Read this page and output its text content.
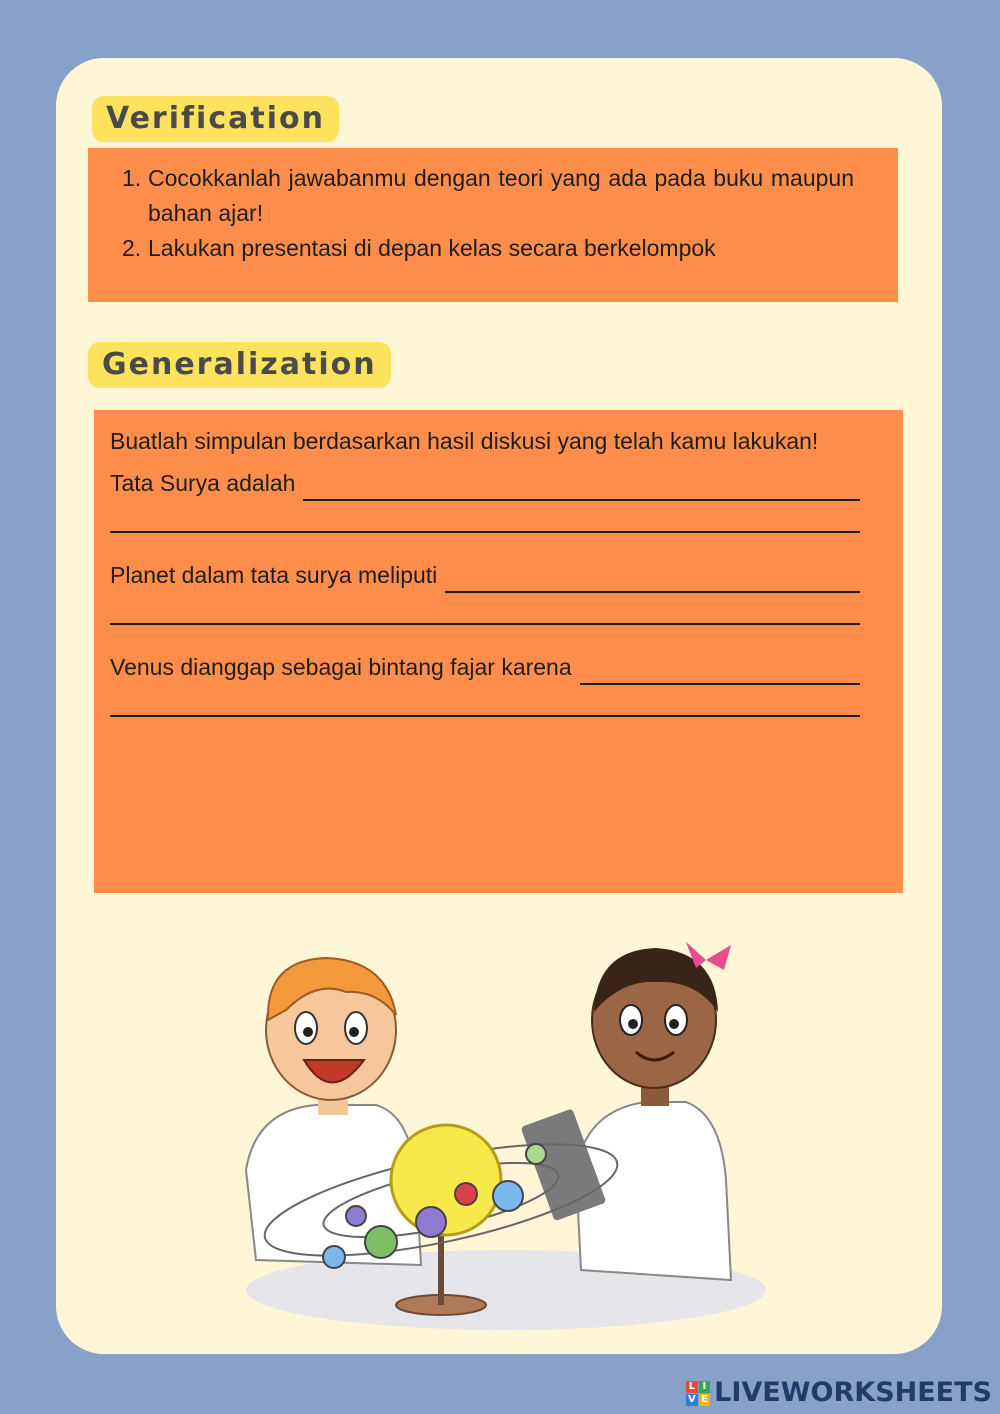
Verification
1. Cocokkanlah jawabanmu dengan teori yang ada pada buku maupun bahan ajar!
2. Lakukan presentasi di depan kelas secara berkelompok
Generalization

Buatlah simpulan berdasarkan hasil diskusi yang telah kamu lakukan!

Tata Surya adalah
Planet dalam tata surya meliputi
Venus dianggap sebagai bintang fajar karena
L I
V E LIVEWORKSHEETS
